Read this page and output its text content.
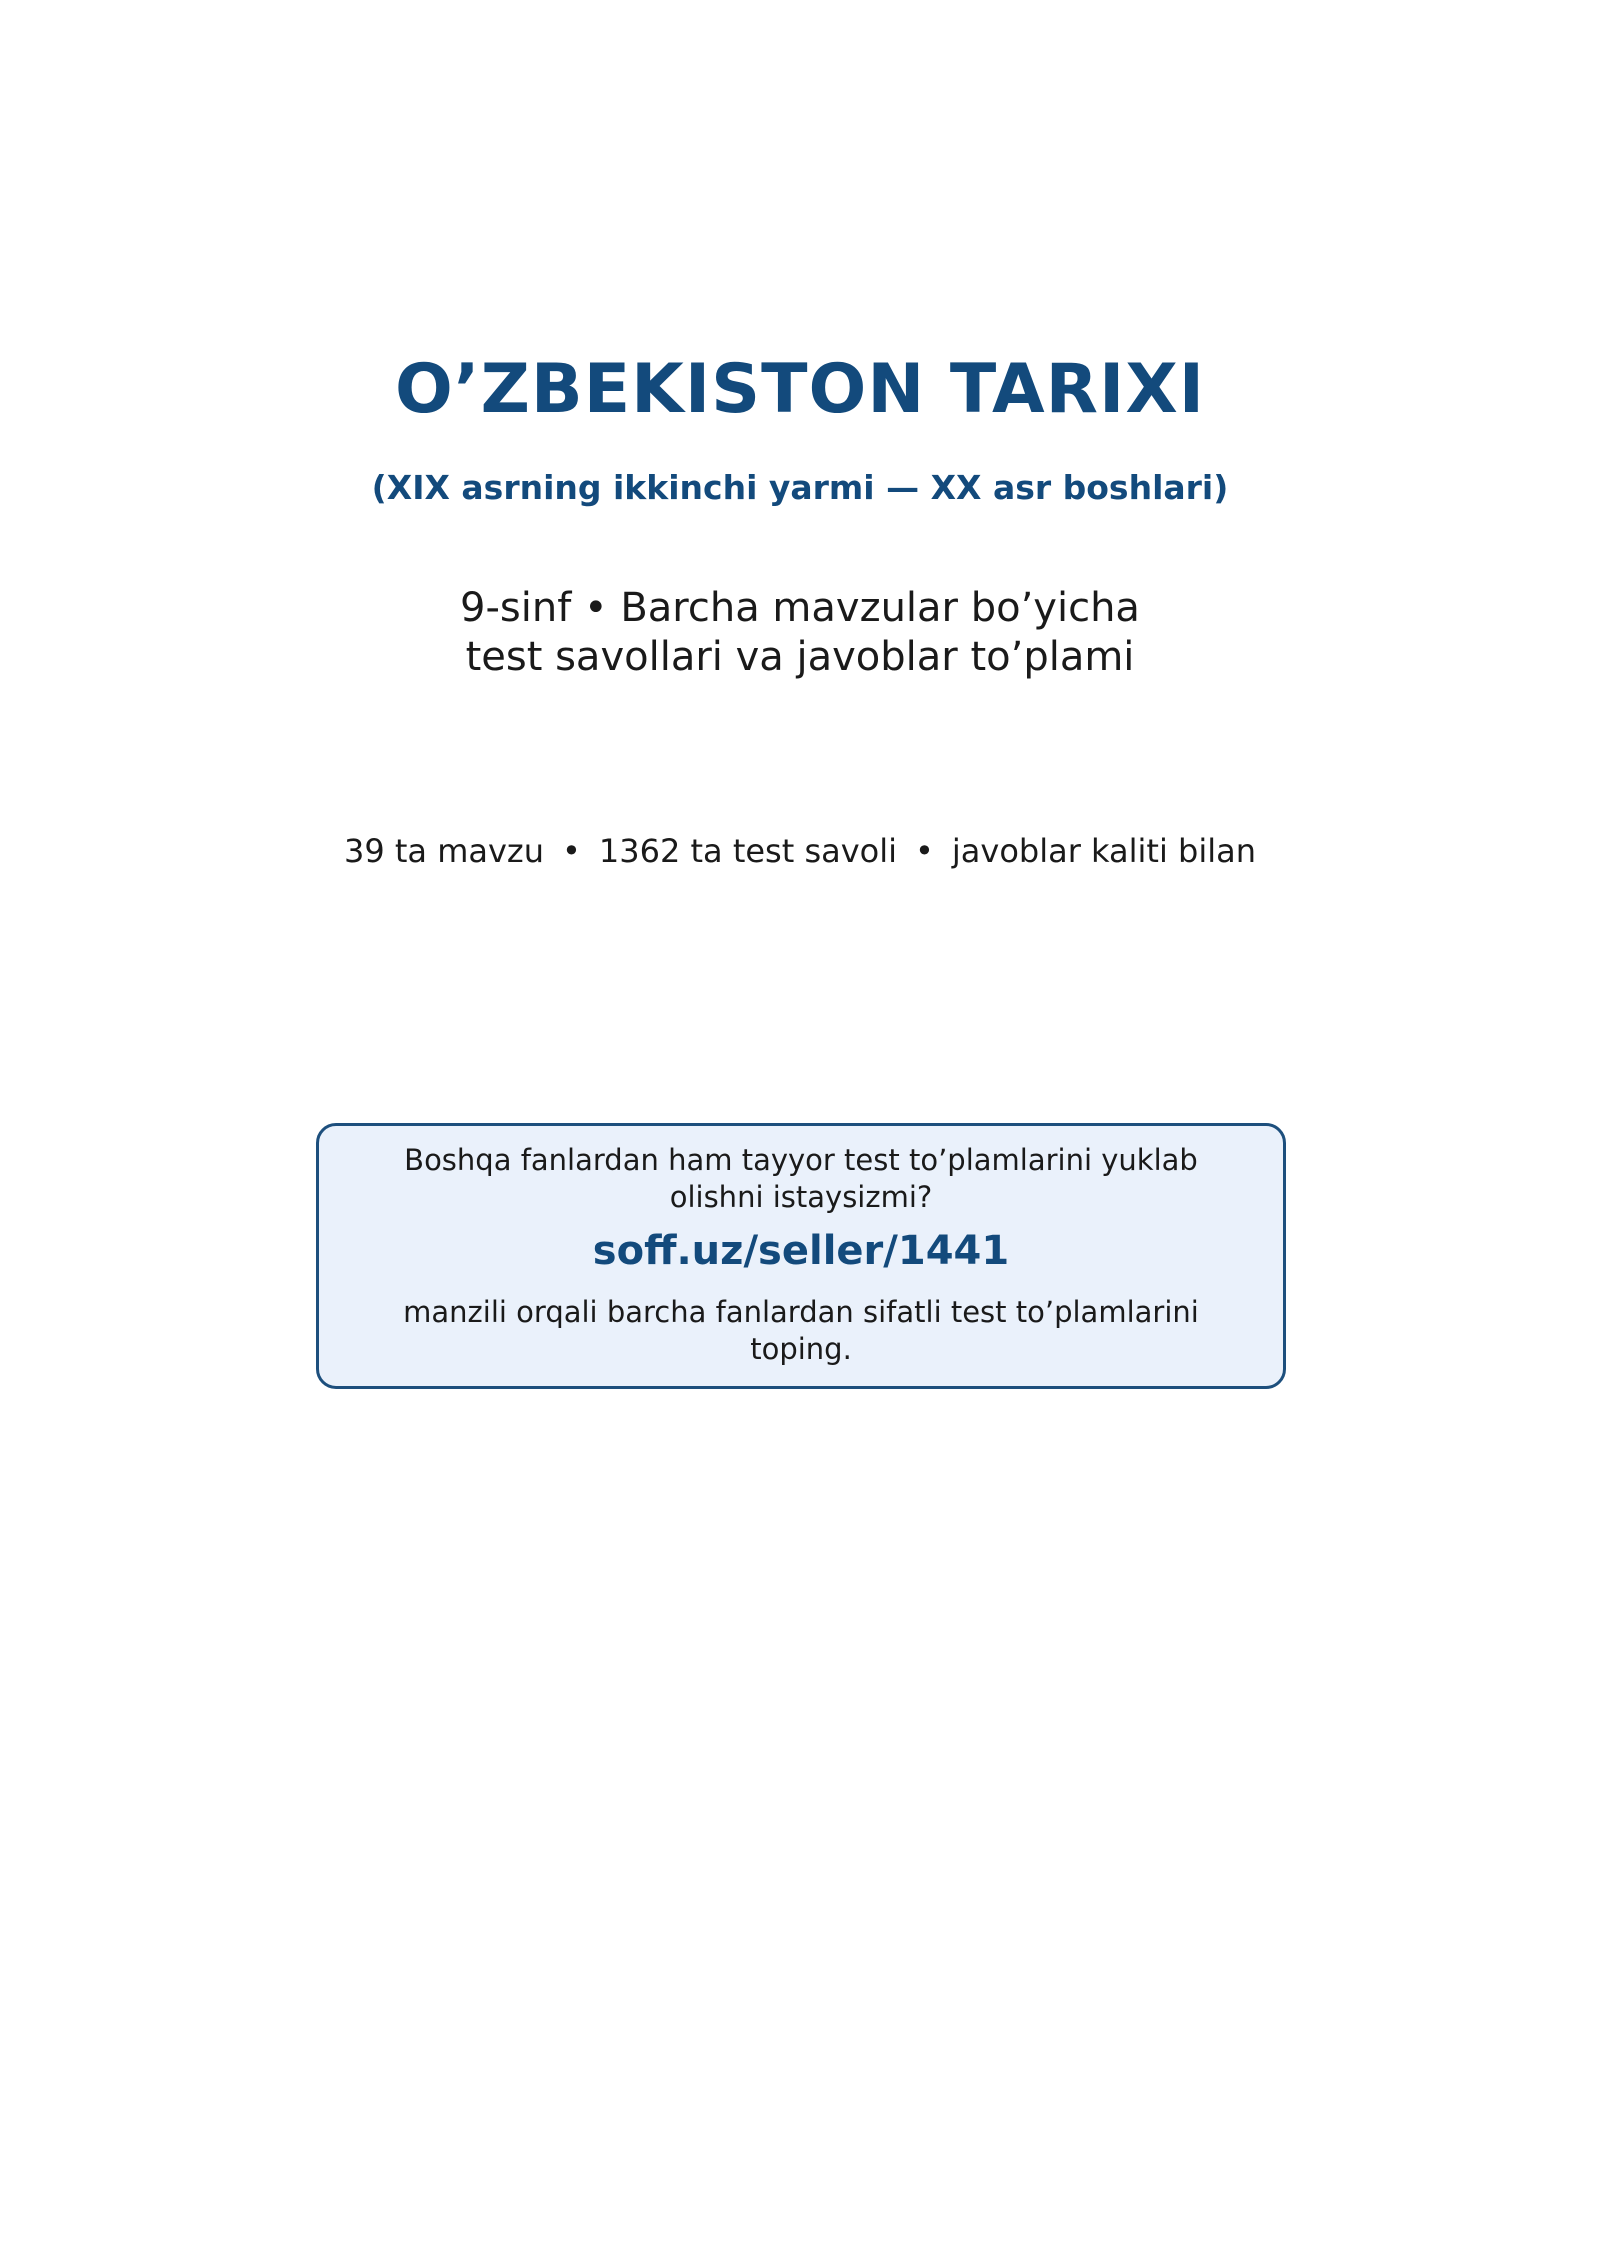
O’ZBEKISTON TARIXI
(XIX asrning ikkinchi yarmi — XX asr boshlari)
9-sinf • Barcha mavzular bo’yicha
test savollari va javoblar to’plami
39 ta mavzu • 1362 ta test savoli • javoblar kaliti bilan
Boshqa fanlardan ham tayyor test to’plamlarini yuklab olishni istaysizmi?
soff.uz/seller/1441
manzili orqali barcha fanlardan sifatli test to’plamlarini toping.
